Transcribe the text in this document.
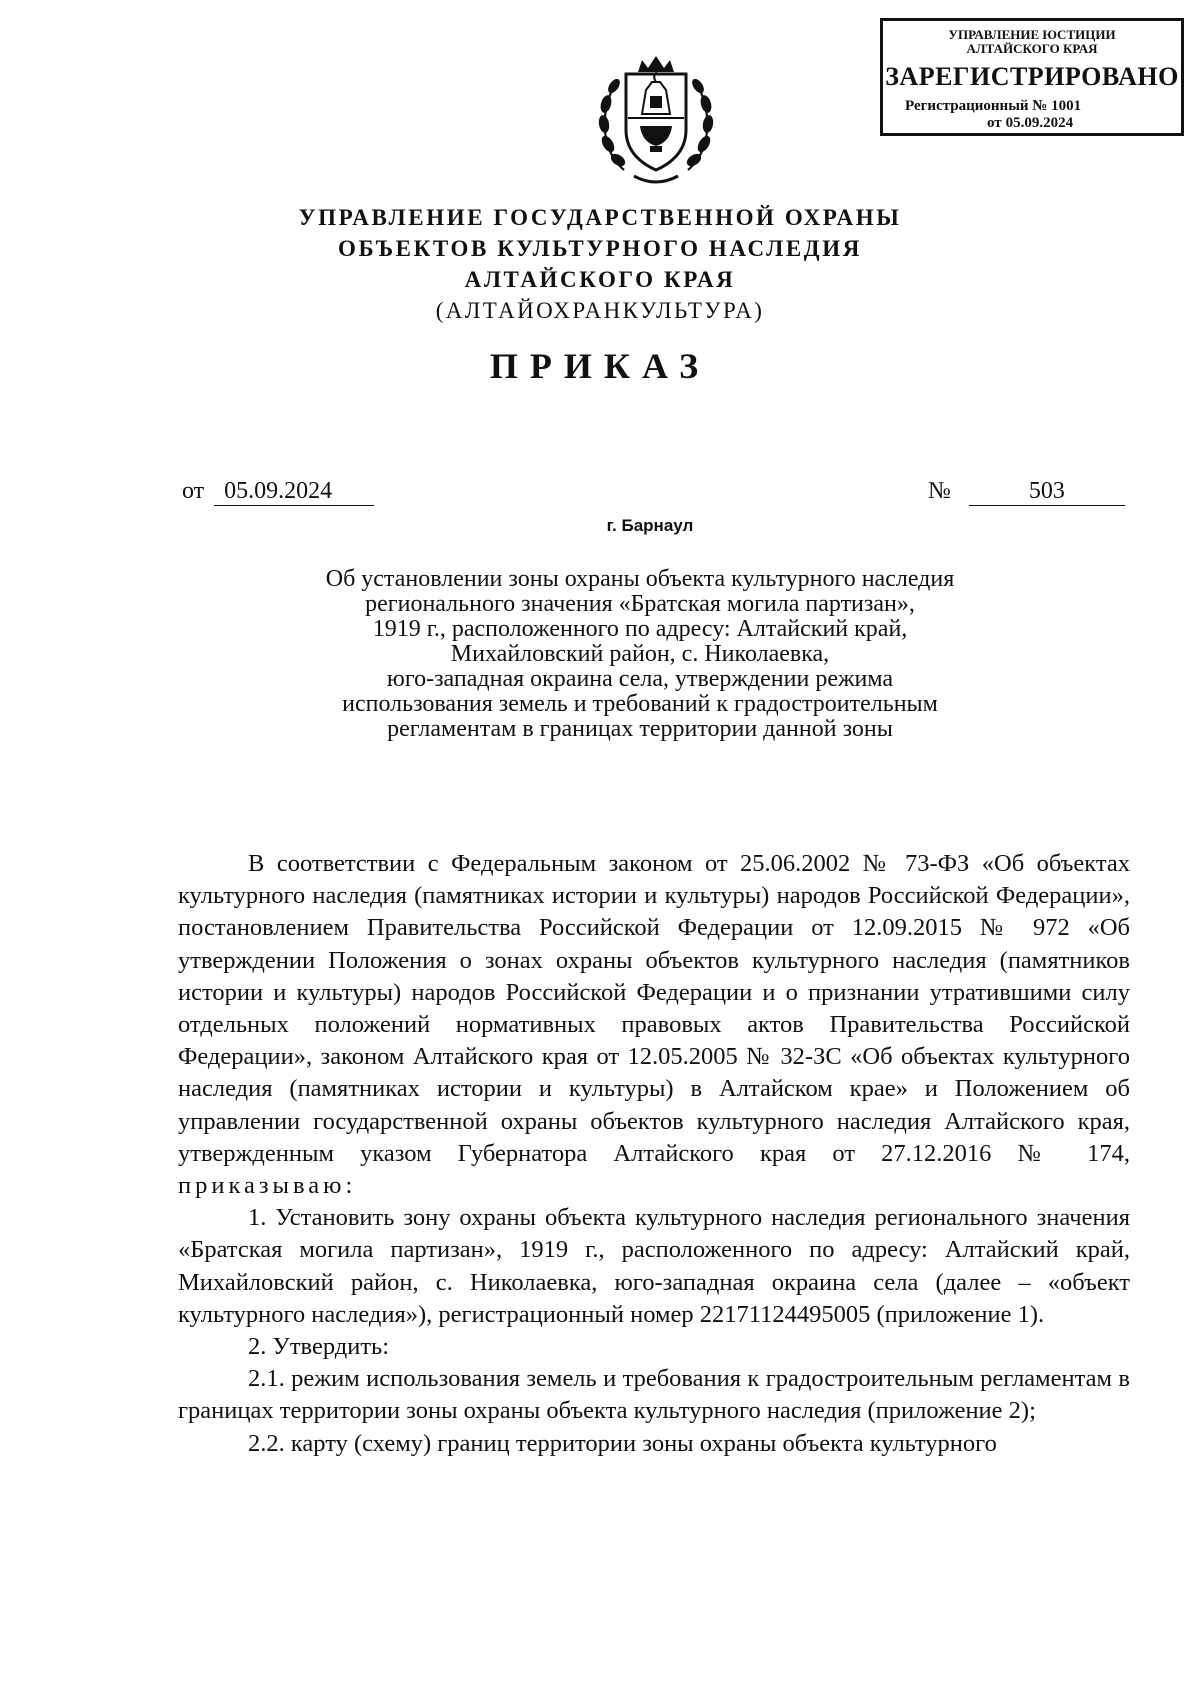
УПРАВЛЕНИЕ ЮСТИЦИИ
АЛТАЙСКОГО КРАЯ
ЗАРЕГИСТРИРОВАНО
Регистрационный № 1001
от 05.09.2024
УПРАВЛЕНИЕ ГОСУДАРСТВЕННОЙ ОХРАНЫ
ОБЪЕКТОВ КУЛЬТУРНОГО НАСЛЕДИЯ
АЛТАЙСКОГО КРАЯ
(АЛТАЙОХРАНКУЛЬТУРА)
ПРИКАЗ
от 05.09.2024	№	503
г. Барнаул
Об установлении зоны охраны объекта культурного наследия
регионального значения «Братская могила партизан»,
1919 г., расположенного по адресу: Алтайский край,
Михайловский район, с. Николаевка,
юго-западная окраина села, утверждении режима
использования земель и требований к градостроительным
регламентам в границах территории данной зоны

В соответствии с Федеральным законом от 25.06.2002 № 73-ФЗ «Об объектах культурного наследия (памятниках истории и культуры) народов Российской Федерации», постановлением Правительства Российской Федерации от 12.09.2015 № 972 «Об утверждении Положения о зонах охраны объектов культурного наследия (памятников истории и культуры) народов Российской Федерации и о признании утратившими силу отдельных положений нормативных правовых актов Правительства Российской Федерации», законом Алтайского края от 12.05.2005 № 32-ЗС «Об объектах культурного наследия (памятниках истории и культуры) в Алтайском крае» и Положением об управлении государственной охраны объектов культурного наследия Алтайского края, утвержденным указом Губернатора Алтайского края от 27.12.2016 № 174, приказываю:

1. Установить зону охраны объекта культурного наследия регионального значения «Братская могила партизан», 1919 г., расположенного по адресу: Алтайский край, Михайловский район, с. Николаевка, юго-западная окраина села (далее – «объект культурного наследия»), регистрационный номер 22171124495005 (приложение 1).

2. Утвердить:

2.1. режим использования земель и требования к градостроительным регламентам в границах территории зоны охраны объекта культурного наследия (приложение 2);

2.2. карту (схему) границ территории зоны охраны объекта культурного
